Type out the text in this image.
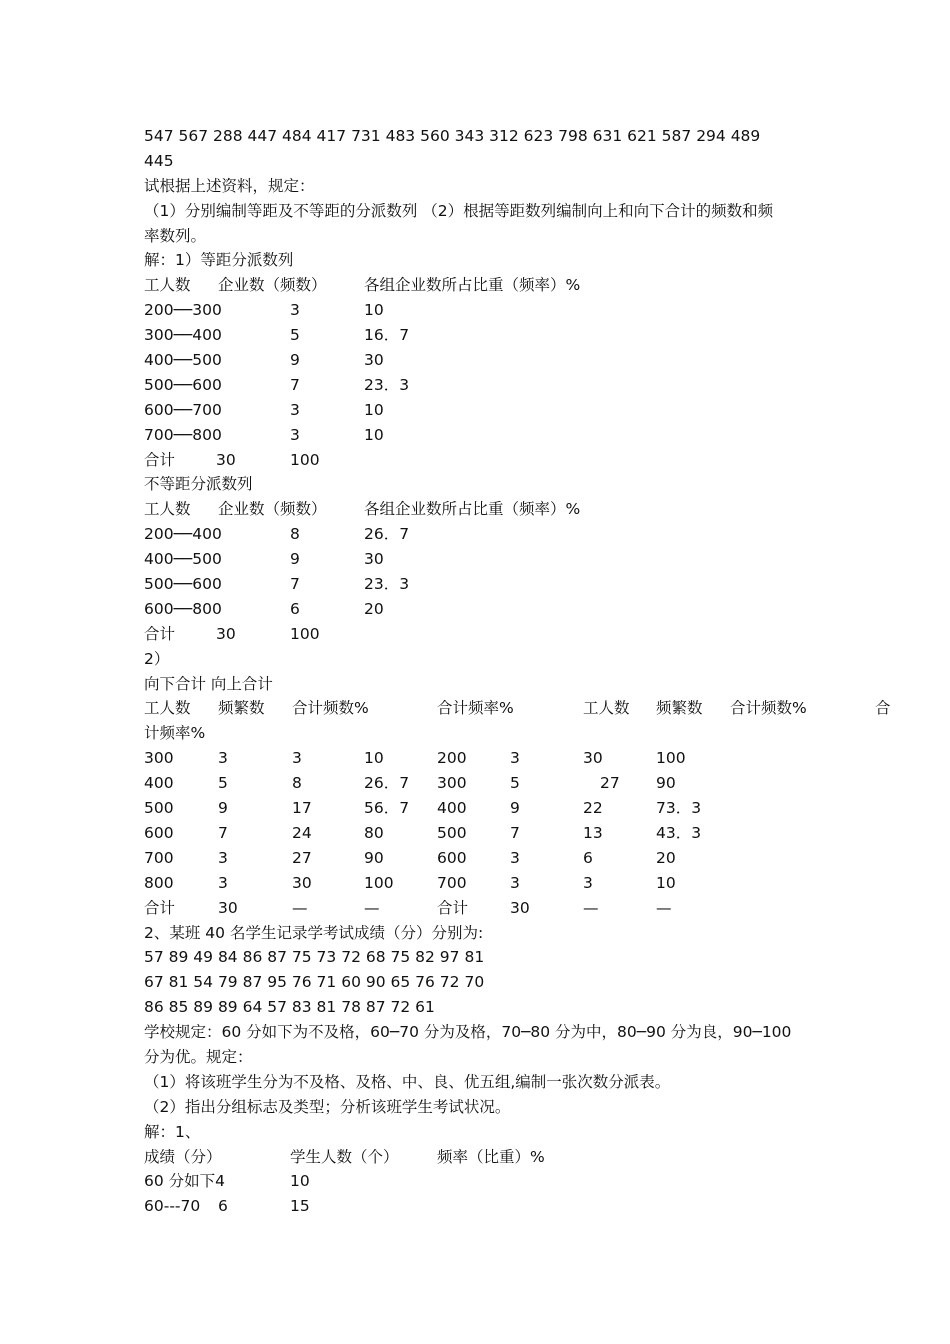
547 567 288 447 484 417 731 483 560 343 312 623 798 631 621 587 294 489
445
试根据上述资料，规定：
（1）分别编制等距及不等距的分派数列 （2）根据等距数列编制向上和向下合计的频数和频
率数列。
解：1）等距分派数列
工人数 企业数（频数） 各组企业数所占比重（频率）%
200──300	3	10
300──400	5	16．7
400──500	9	30
500──600	7	23．3
600──700	3	10
700──800	3	10
合计	30	100
不等距分派数列
工人数 企业数（频数） 各组企业数所占比重（频率）%
200──400	8	26．7
400──500	9	30
500──600	7	23．3
600──800	6	20
合计	30	100
2）
向下合计 向上合计
工人数 频繁数 合计频数%	合计频率%	工人数 频繁数 合计频数%	合
计频率%
300	3	3	10	200	3	30	100
400	5	8	26．7 300	5	27 90
500	9	17	56．7 400	9	22	73．3
600	7	24	80	500	7	13	43．3
700	3	27	90	600	3	6	20
800	3	30	100	700	3	3	10
合计	30	—	—	合计	30	—	—
2、某班 40 名学生记录学考试成绩（分）分别为:
57 89 49 84 86 87 75 73 72 68 75 82 97 81
67 81 54 79 87 95 76 71 60 90 65 76 72 70
86 85 89 89 64 57 83 81 78 87 72 61
学校规定：60 分如下为不及格，60─70 分为及格，70─80 分为中，80─90 分为良，90─100
分为优。规定：
（1）将该班学生分为不及格、及格、中、良、优五组,编制一张次数分派表。
（2）指出分组标志及类型；分析该班学生考试状况。
解：1、
成绩（分）	学生人数（个） 频率（比重）%
60 分如下4	10
60---70 6	15
